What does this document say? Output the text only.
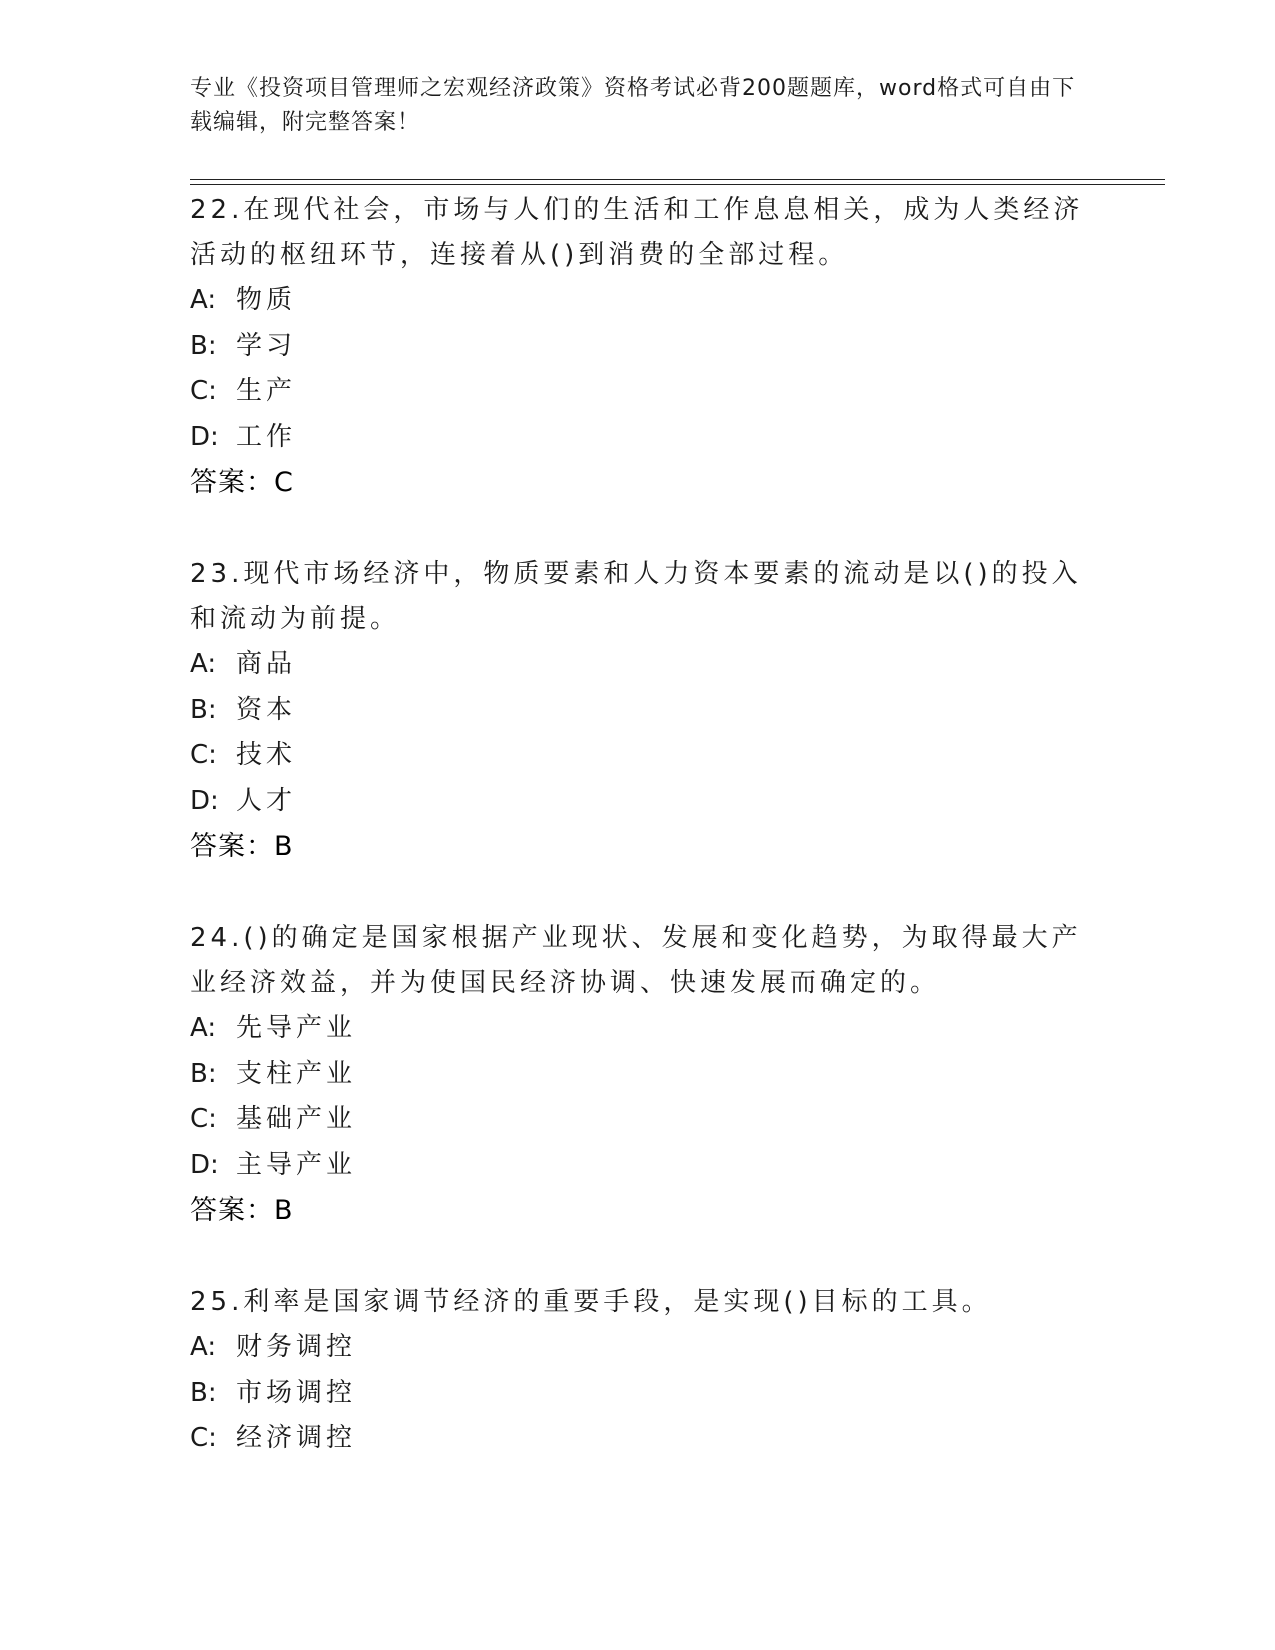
专业《投资项目管理师之宏观经济政策》资格考试必背200题题库，word格式可自由下载编辑，附完整答案！

22.在现代社会，市场与人们的生活和工作息息相关，成为人类经济活动的枢纽环节，连接着从()到消费的全部过程。

A: 物质

B: 学习

C: 生产

D: 工作

答案：C

23.现代市场经济中，物质要素和人力资本要素的流动是以()的投入和流动为前提。

A: 商品

B: 资本

C: 技术

D: 人才

答案：B

24.()的确定是国家根据产业现状、发展和变化趋势，为取得最大产业经济效益，并为使国民经济协调、快速发展而确定的。

A: 先导产业

B: 支柱产业

C: 基础产业

D: 主导产业

答案：B

25.利率是国家调节经济的重要手段，是实现()目标的工具。

A: 财务调控

B: 市场调控

C: 经济调控
